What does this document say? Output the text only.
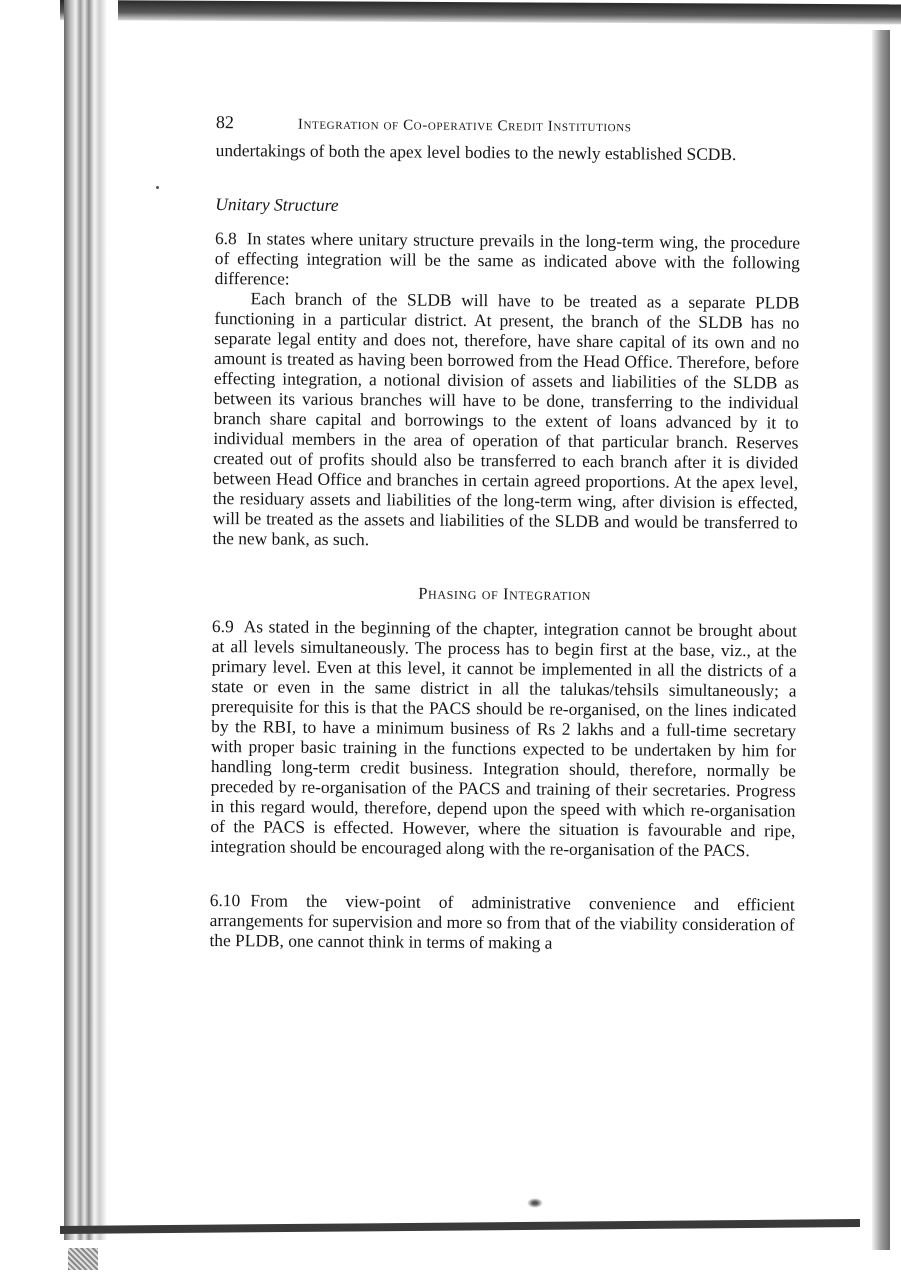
82	Integration of Co-operative Credit Institutions

undertakings of both the apex level bodies to the newly established SCDB.

Unitary Structure

6.8 In states where unitary structure prevails in the long-term wing, the procedure of effecting integration will be the same as indicated above with the following difference:

Each branch of the SLDB will have to be treated as a separate PLDB functioning in a particular district. At present, the branch of the SLDB has no separate legal entity and does not, therefore, have share capital of its own and no amount is treated as having been borrowed from the Head Office. Therefore, before effecting integration, a notional division of assets and liabilities of the SLDB as between its various branches will have to be done, transferring to the individual branch share capital and borrowings to the extent of loans advanced by it to individual members in the area of operation of that particular branch. Reserves created out of profits should also be transferred to each branch after it is divided between Head Office and branches in certain agreed proportions. At the apex level, the residuary assets and liabilities of the long-term wing, after division is effected, will be treated as the assets and liabilities of the SLDB and would be transferred to the new bank, as such.

Phasing of Integration

6.9 As stated in the beginning of the chapter, integration cannot be brought about at all levels simultaneously. The process has to begin first at the base, viz., at the primary level. Even at this level, it cannot be implemented in all the districts of a state or even in the same district in all the talukas/tehsils simultaneously; a prerequisite for this is that the PACS should be re-organised, on the lines indicated by the RBI, to have a minimum business of Rs 2 lakhs and a full-time secretary with proper basic training in the functions expected to be undertaken by him for handling long-term credit business. Integration should, therefore, normally be preceded by re-organisation of the PACS and training of their secretaries. Progress in this regard would, therefore, depend upon the speed with which re-organisation of the PACS is effected. However, where the situation is favourable and ripe, integration should be encouraged along with the re-organisation of the PACS.

6.10 From the view-point of administrative convenience and efficient arrangements for supervision and more so from that of the viability consideration of the PLDB, one cannot think in terms of making a
